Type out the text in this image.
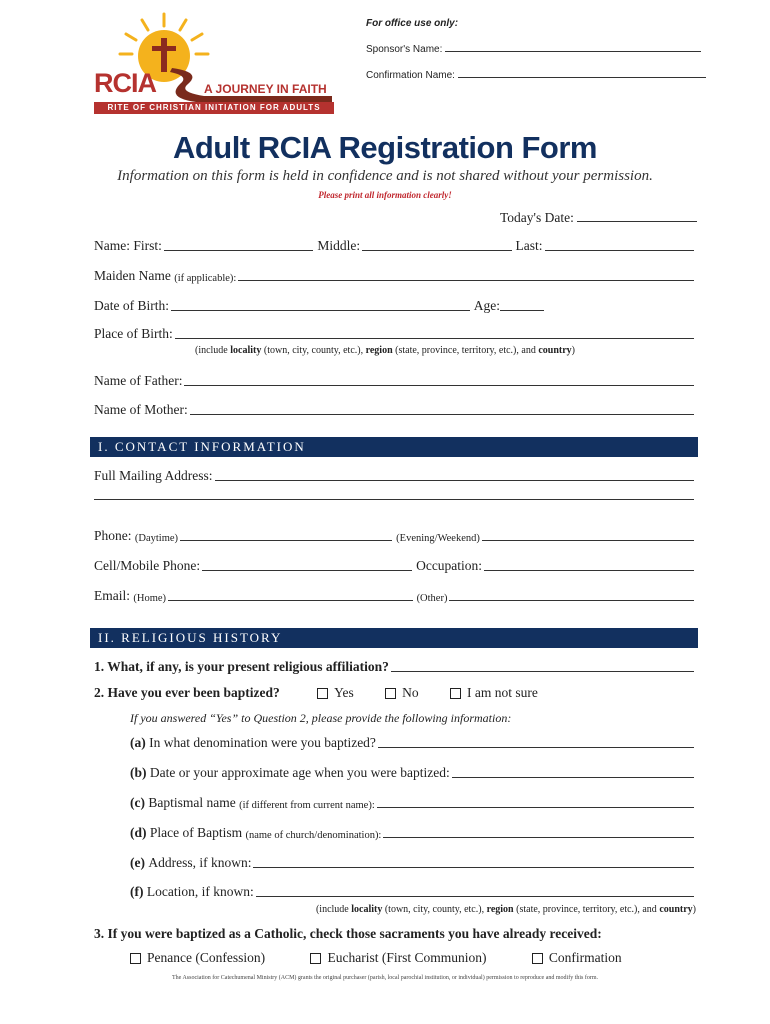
For office use only:
Sponsor's Name:
Confirmation Name:
RCIA	A JOURNEY IN FAITH
RITE OF CHRISTIAN INITIATION FOR ADULTS
Adult RCIA Registration Form
Information on this form is held in confidence and is not shared without your permission.
Please print all information clearly!
Today's Date:
Name: First:	Middle:	Last:
Maiden Name
(if applicable):
Date of Birth:	Age:
Place of Birth:
(include locality (town, city, county, etc.), region (state, province, territory, etc.), and country)
Name of Father:
Name of Mother:
I. CONTACT INFORMATION
Full Mailing Address:
Phone:
(Daytime)	(Evening/Weekend)
Cell/Mobile Phone:	Occupation:
Email:
(Home)	(Other)
II. RELIGIOUS HISTORY
1. What, if any, is your present religious affiliation?
2. Have you ever been baptized?	Yes	No	I am not sure
If you answered “Yes” to Question 2, please provide the following information:
(a)
In what denomination were you baptized?
(b)
Date or your approximate age when you were baptized:
(c)
Baptismal name
(if different from current name):
(d)
Place of Baptism
(name of church/denomination):
(e)
Address, if known:
(f)
Location, if known:
(include locality (town, city, county, etc.), region (state, province, territory, etc.), and country)
3. If you were baptized as a Catholic, check those sacraments you have already received:
Penance (Confession)	Eucharist (First Communion)	Confirmation
The Association for Catechumenal Ministry (ACM) grants the original purchaser (parish, local parochial institution, or individual) permission to reproduce and modify this form.
